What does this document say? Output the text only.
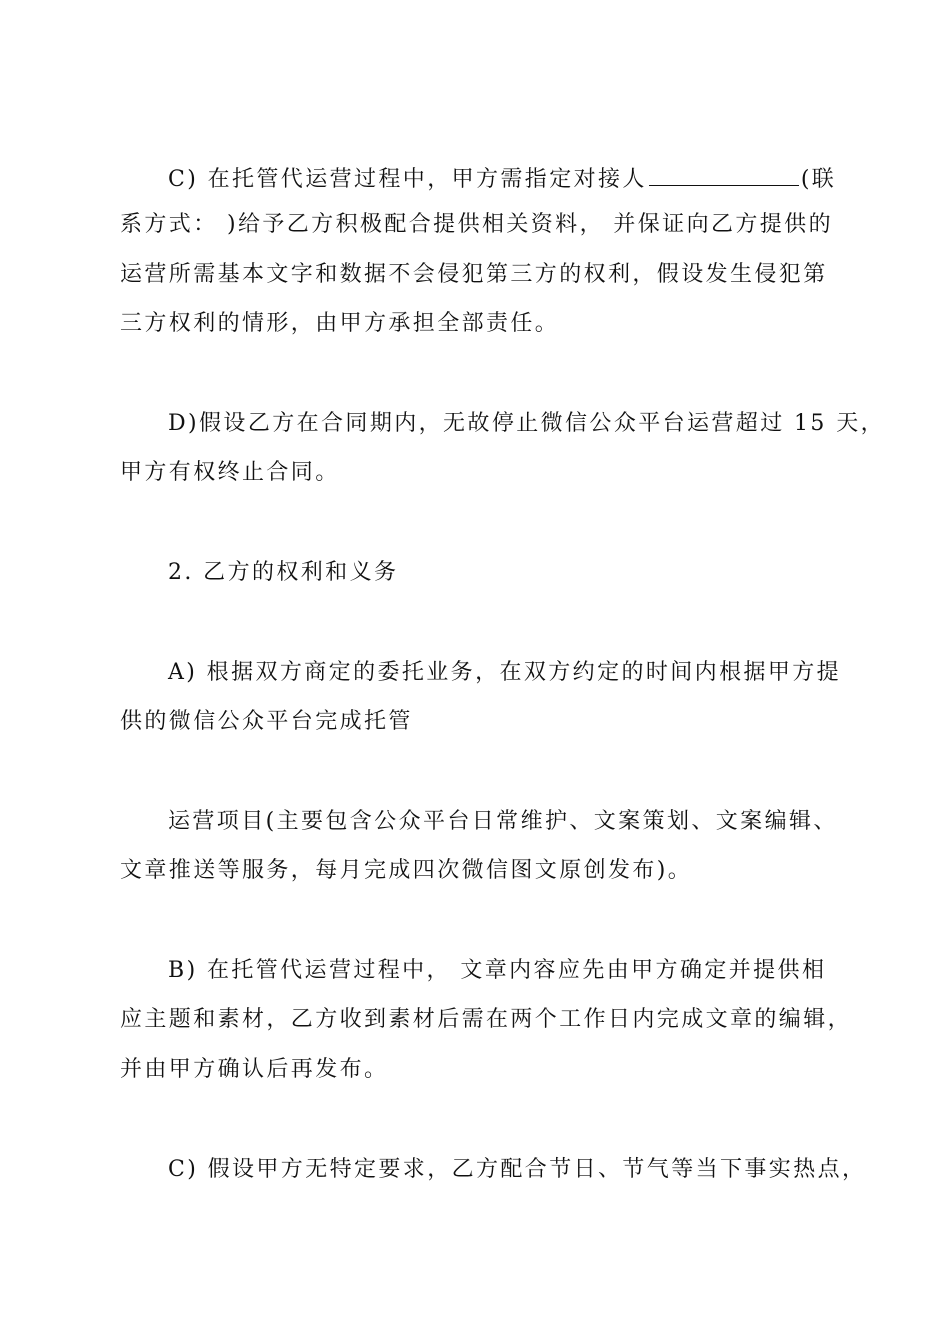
C) 在托管代运营过程中，甲方需指定对接人	(联
系方式： )给予乙方积极配合提供相关资料， 并保证向乙方提供的
运营所需基本文字和数据不会侵犯第三方的权利，假设发生侵犯第
三方权利的情形，由甲方承担全部责任。
D)假设乙方在合同期内，无故停止微信公众平台运营超过 15 天，
甲方有权终止合同。
2. 乙方的权利和义务
A) 根据双方商定的委托业务，在双方约定的时间内根据甲方提
供的微信公众平台完成托管
运营项目(主要包含公众平台日常维护、文案策划、文案编辑、
文章推送等服务，每月完成四次微信图文原创发布)。
B) 在托管代运营过程中， 文章内容应先由甲方确定并提供相
应主题和素材，乙方收到素材后需在两个工作日内完成文章的编辑，
并由甲方确认后再发布。
C) 假设甲方无特定要求，乙方配合节日、节气等当下事实热点，
